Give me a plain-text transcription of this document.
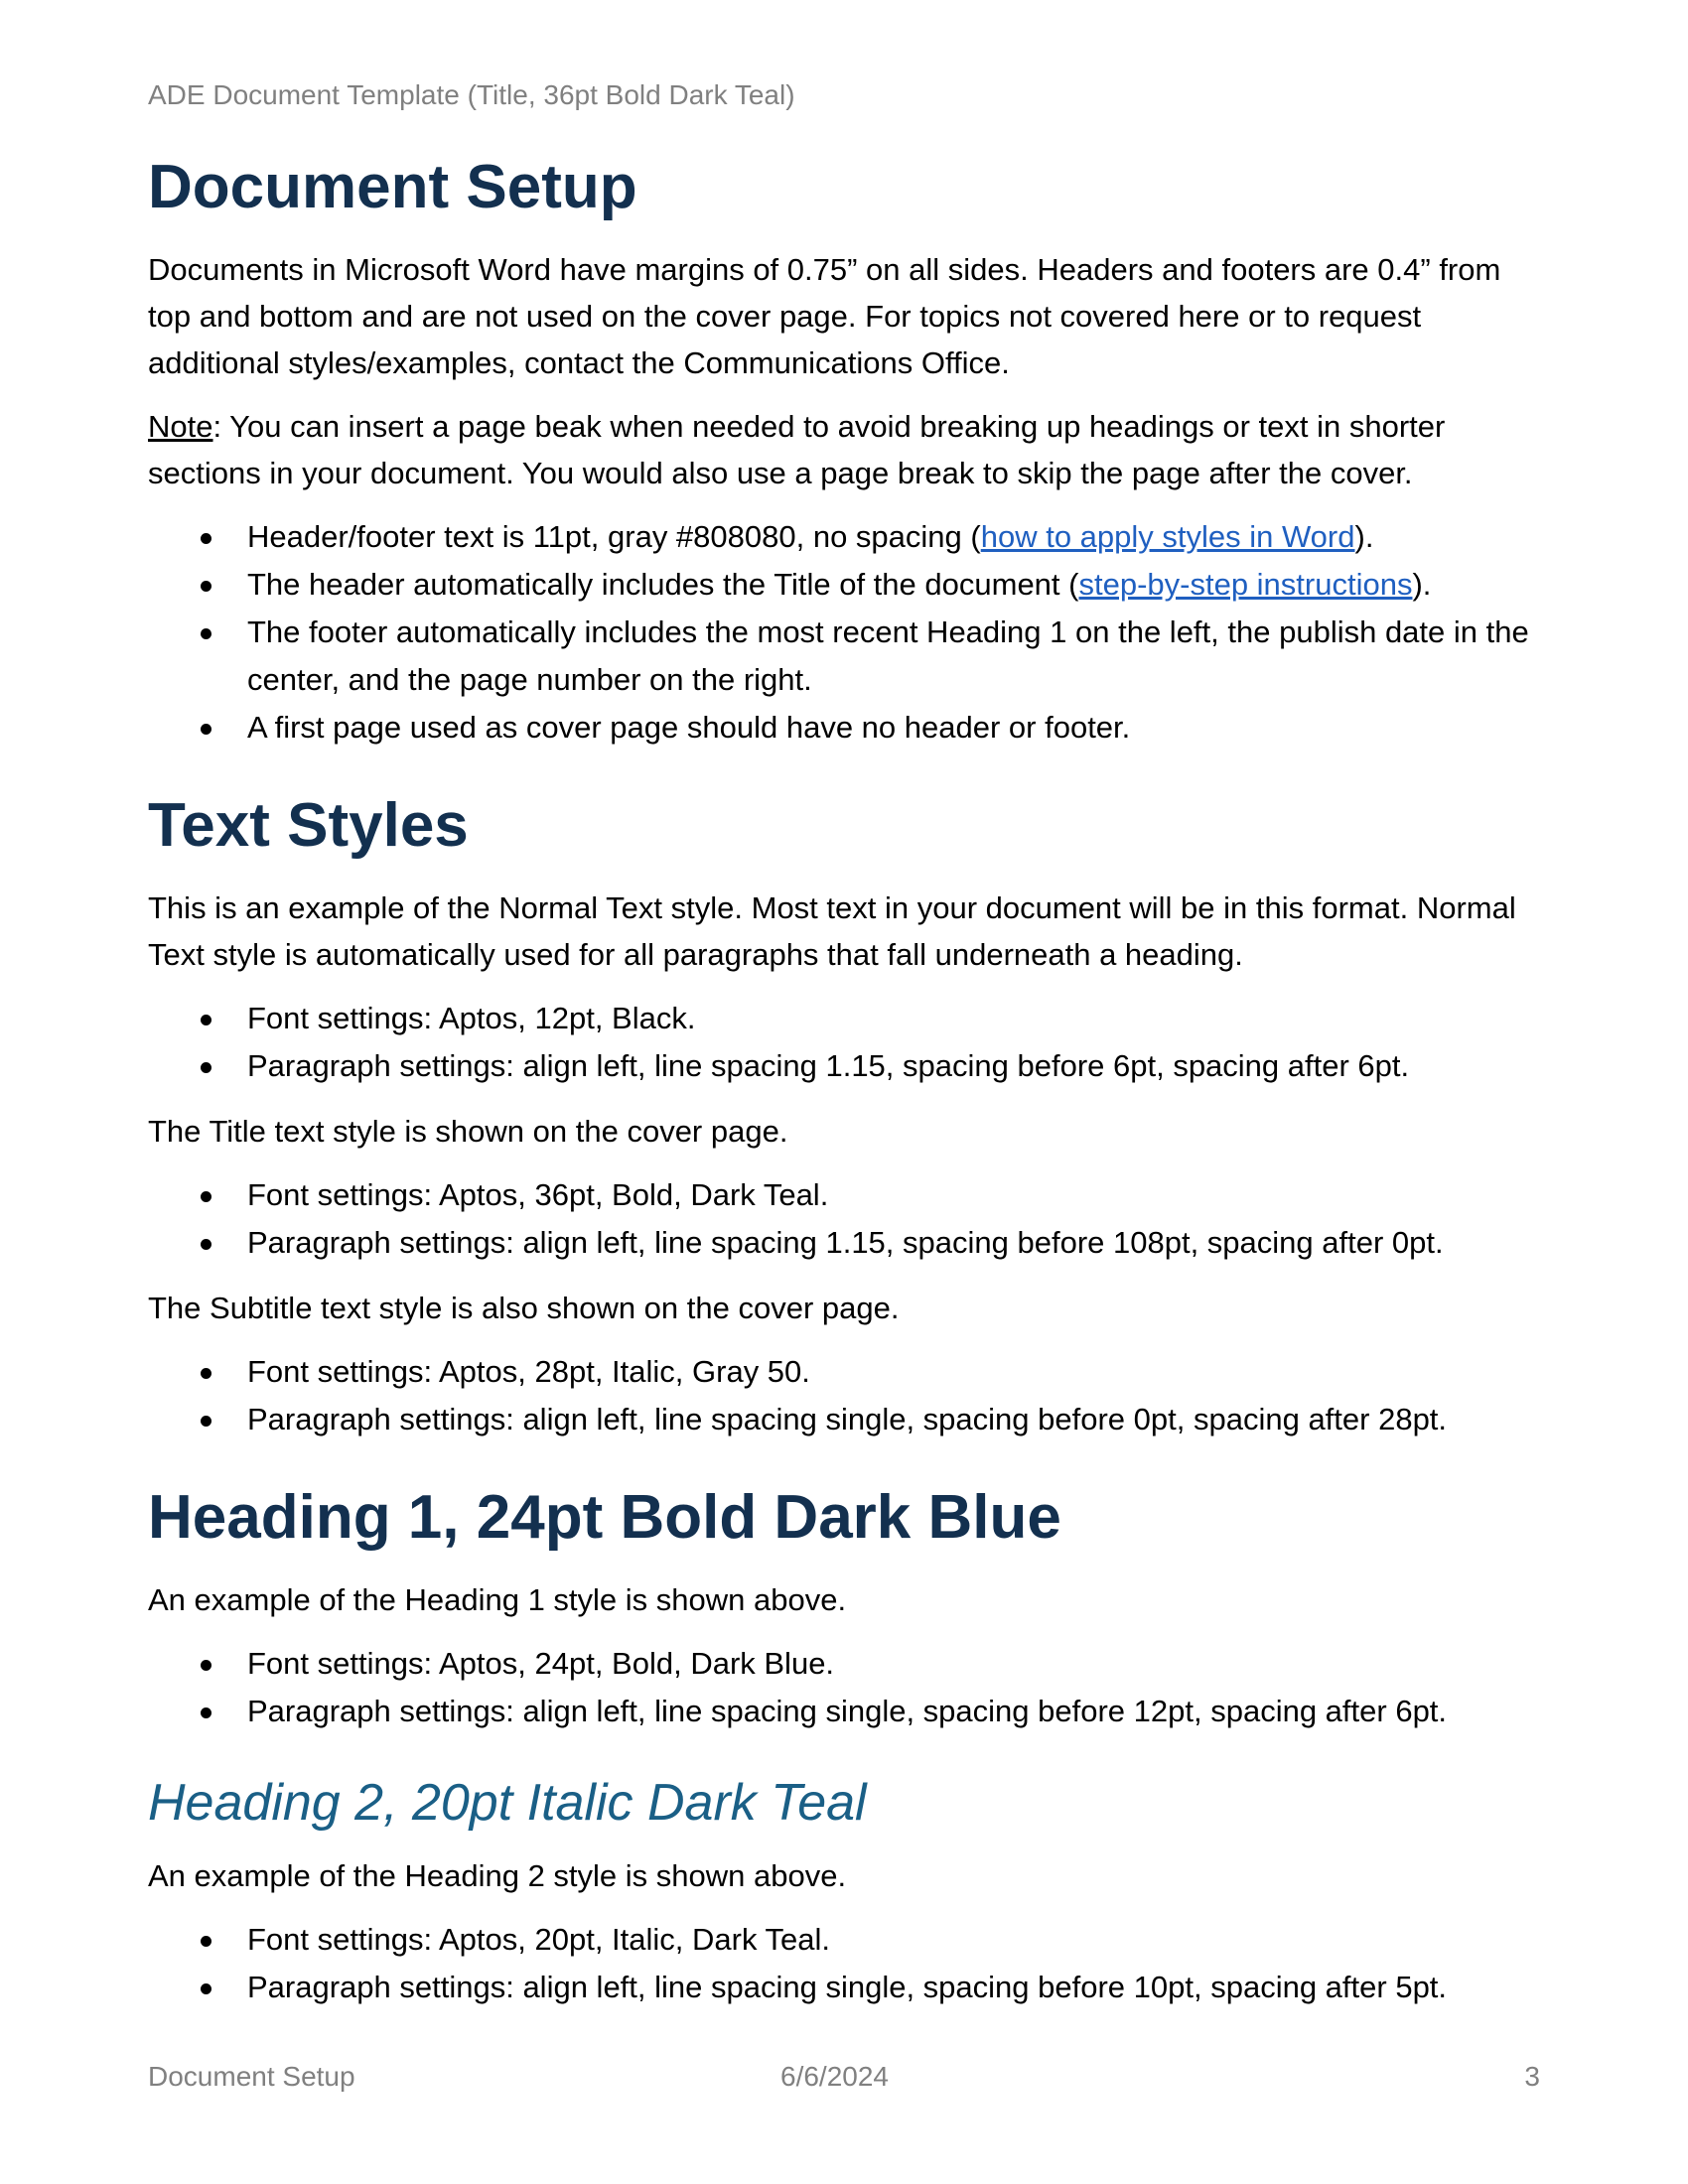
ADE Document Template (Title, 36pt Bold Dark Teal)
Document Setup

Documents in Microsoft Word have margins of 0.75” on all sides. Headers and footers are 0.4” from top and bottom and are not used on the cover page. For topics not covered here or to request additional styles/examples, contact the Communications Office.

Note: You can insert a page beak when needed to avoid breaking up headings or text in shorter sections in your document. You would also use a page break to skip the page after the cover.

Header/footer text is 11pt, gray #808080, no spacing (how to apply styles in Word).
The header automatically includes the Title of the document (step-by-step instructions).
The footer automatically includes the most recent Heading 1 on the left, the publish date in the center, and the page number on the right.
A first page used as cover page should have no header or footer.
Text Styles

This is an example of the Normal Text style. Most text in your document will be in this format. Normal Text style is automatically used for all paragraphs that fall underneath a heading.

Font settings: Aptos, 12pt, Black.
Paragraph settings: align left, line spacing 1.15, spacing before 6pt, spacing after 6pt.

The Title text style is shown on the cover page.

Font settings: Aptos, 36pt, Bold, Dark Teal.
Paragraph settings: align left, line spacing 1.15, spacing before 108pt, spacing after 0pt.

The Subtitle text style is also shown on the cover page.

Font settings: Aptos, 28pt, Italic, Gray 50.
Paragraph settings: align left, line spacing single, spacing before 0pt, spacing after 28pt.
Heading 1, 24pt Bold Dark Blue

An example of the Heading 1 style is shown above.

Font settings: Aptos, 24pt, Bold, Dark Blue.
Paragraph settings: align left, line spacing single, spacing before 12pt, spacing after 6pt.
Heading 2, 20pt Italic Dark Teal

An example of the Heading 2 style is shown above.

Font settings: Aptos, 20pt, Italic, Dark Teal.
Paragraph settings: align left, line spacing single, spacing before 10pt, spacing after 5pt.
Document Setup	6/6/2024	3
